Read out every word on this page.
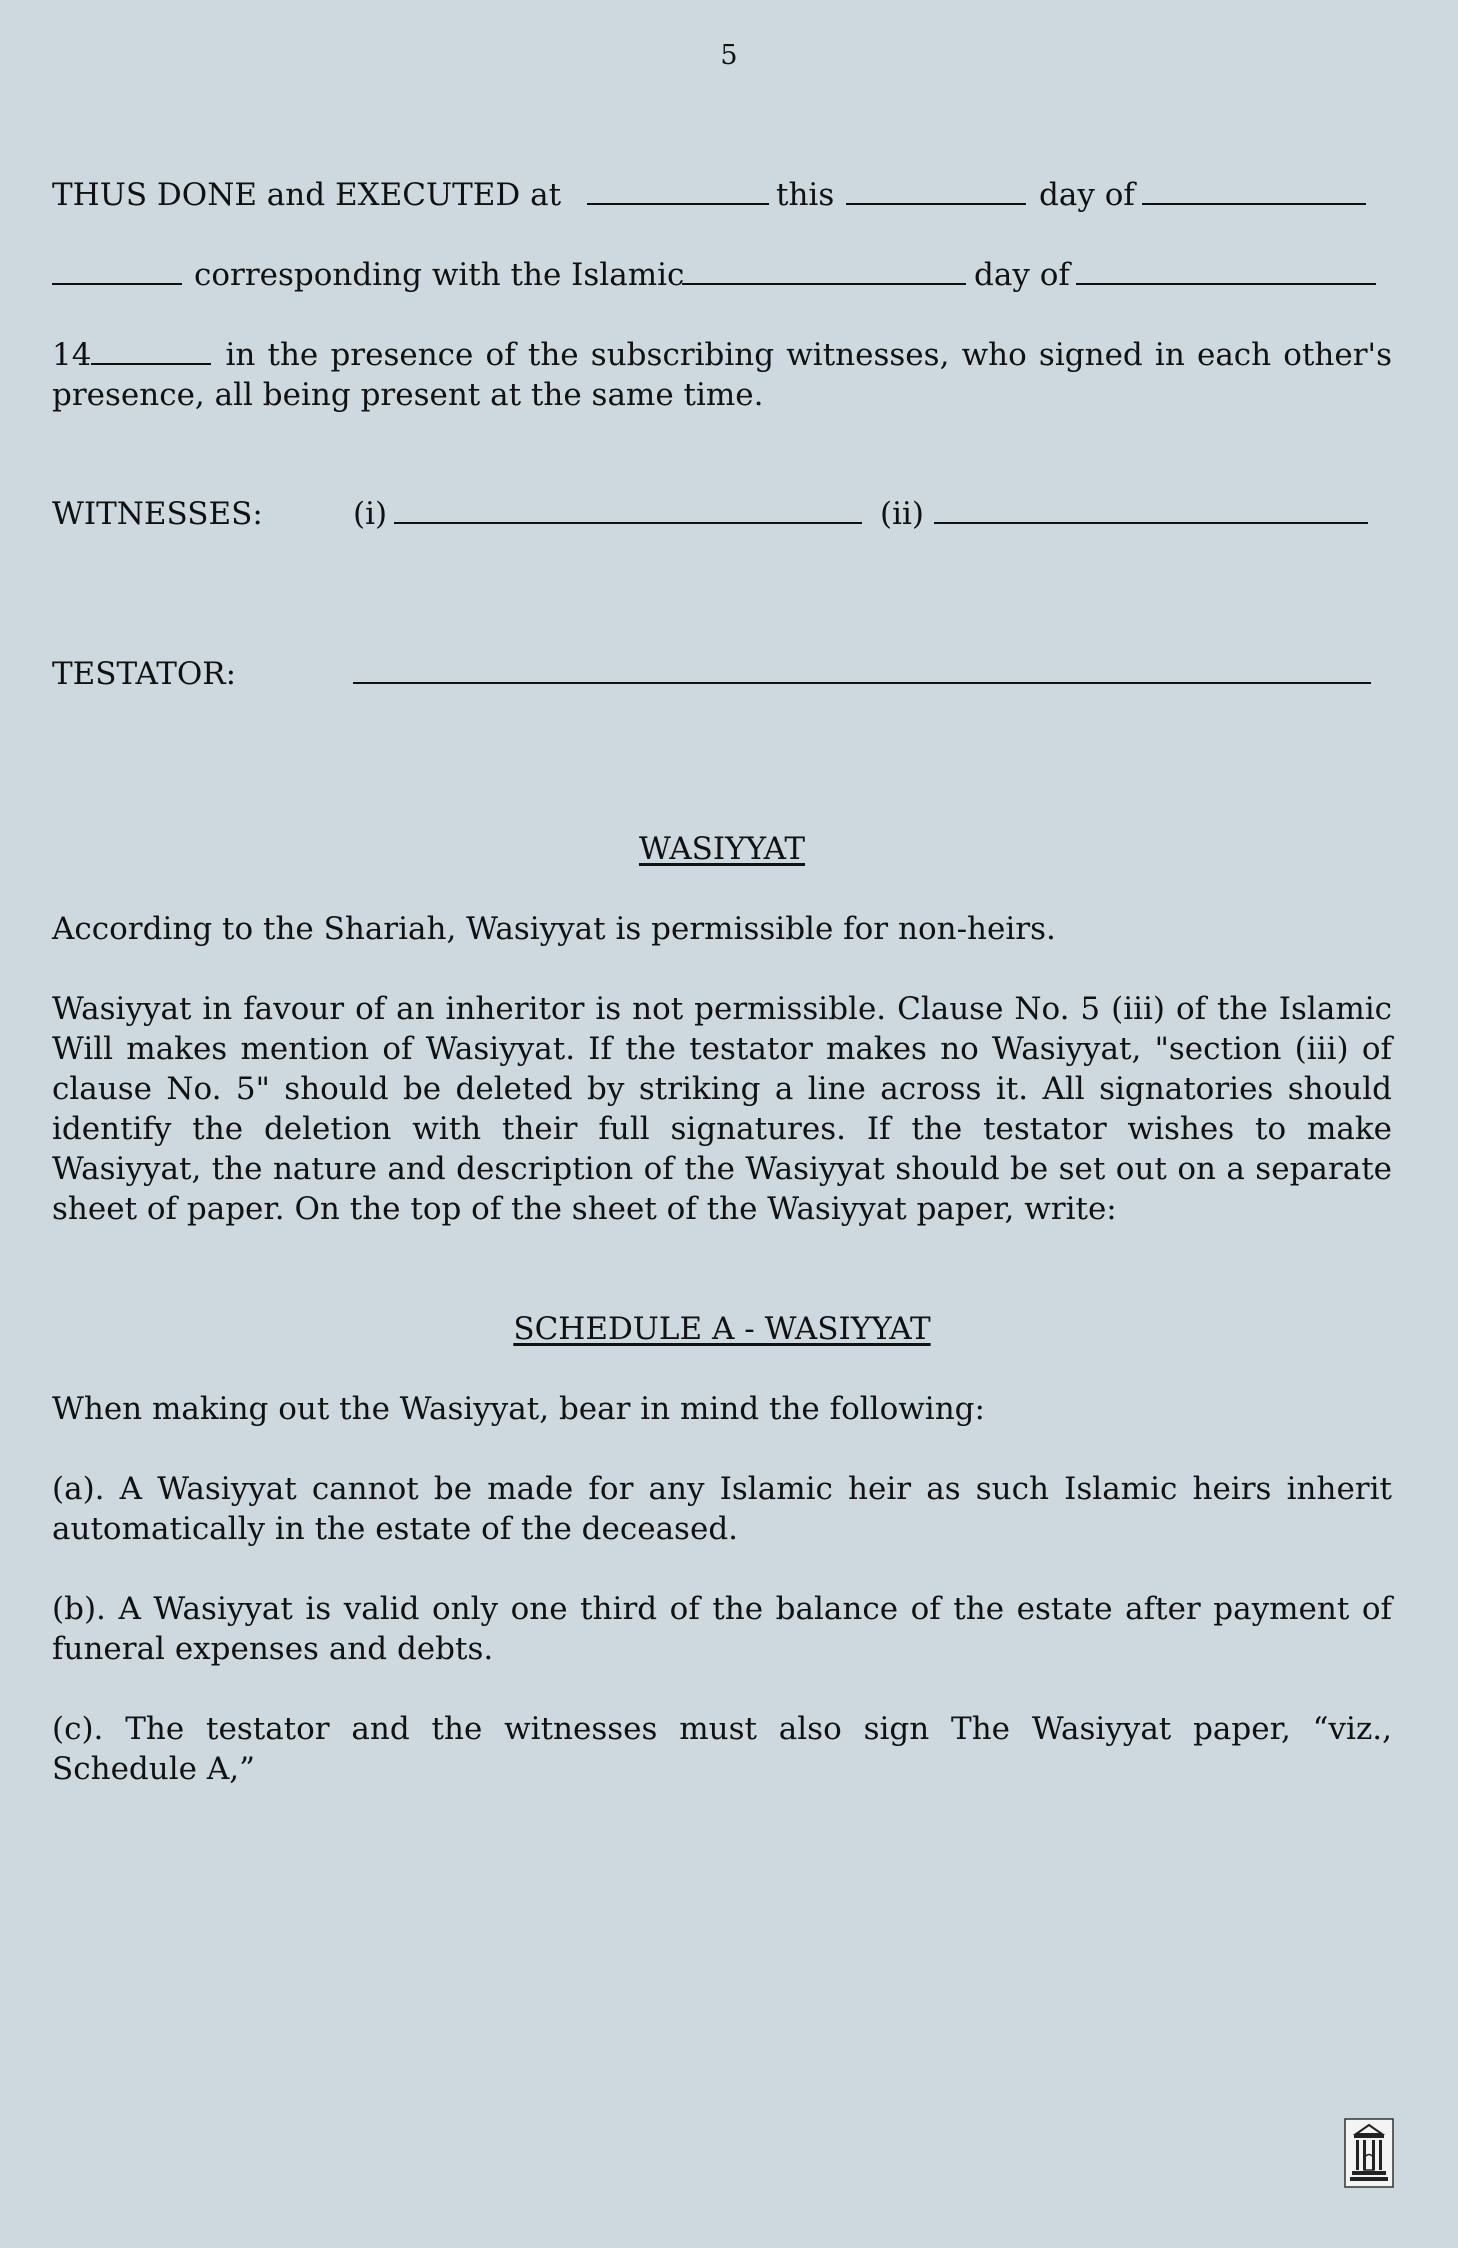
5
THUS DONE and EXECUTED at	this	day of
corresponding with the Islamic	day of

14	in the presence of the subscribing witnesses, who signed in each other's presence, all being present at the same time.

WITNESSES:	(i)	(ii)
TESTATOR:
WASIYYAT

According to the Shariah, Wasiyyat is permissible for non-heirs.

Wasiyyat in favour of an inheritor is not permissible. Clause No. 5 (iii) of the Islamic Will makes mention of Wasiyyat. If the testator makes no Wasiyyat, "section (iii) of clause No. 5" should be deleted by striking a line across it. All signatories should identify the deletion with their full signatures. If the testator wishes to make Wasiyyat, the nature and description of the Wasiyyat should be set out on a separate sheet of paper. On the top of the sheet of the Wasiyyat paper, write:

SCHEDULE A - WASIYYAT

When making out the Wasiyyat, bear in mind the following:

(a). A Wasiyyat cannot be made for any Islamic heir as such Islamic heirs inherit automatically in the estate of the deceased.

(b). A Wasiyyat is valid only one third of the balance of the estate after payment of funeral expenses and debts.

(c). The testator and the witnesses must also sign The Wasiyyat paper, “viz., Schedule A,”
